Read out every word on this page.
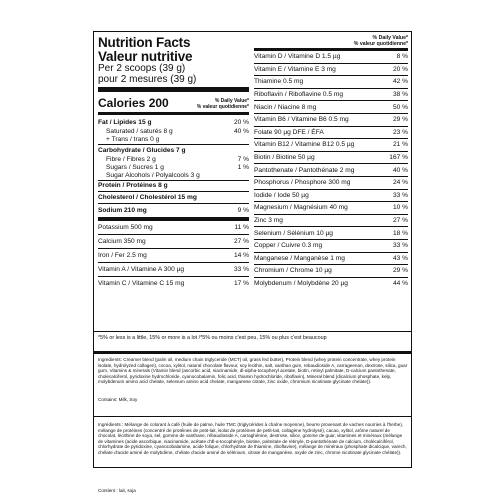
Nutrition Facts
Valeur nutritive
Per 2 scoops (39 g)
pour 2 mesures (39 g)
Calories 200	% Daily Value*
% valeur quotidienne*
Fat / Lipides 15 g	20 %
Saturated / saturés 8 g	40 %
+ Trans / trans 0 g
Carbohydrate / Glucides 7 g
Fibre / Fibres 2 g	7 %
Sugars / Sucres 1 g	1 %
Sugar Alcohols / Polyalcools 3 g
Protein / Protéines 8 g
Cholesterol / Cholestérol 15 mg
Sodium 210 mg	9 %
Potassium 500 mg	11 %
Calcium 350 mg	27 %
Iron / Fer 2.5 mg	14 %
Vitamin A / Vitamine A 300 µg	33 %
Vitamin C / Vitamine C 15 mg	17 %
% Daily Value*
% valeur quotidienne*
Vitamin D / Vitamine D 1.5 µg	8 %
Vitamin E / Vitamine E 3 mg	20 %
Thiamine 0.5 mg	42 %
Riboflavin / Riboflavine 0.5 mg	38 %
Niacin / Niacine 8 mg	50 %
Vitamin B6 / Vitamine B6 0.5 mg	29 %
Folate 90 µg DFE / ÉFA	23 %
Vitamin B12 / Vitamine B12 0.5 µg	21 %
Biotin / Biotine 50 µg	167 %
Pantothenate / Pantothénate 2 mg	40 %
Phosphorus / Phosphore 300 mg	24 %
Iodide / Iode 50 µg	33 %
Magnesium / Magnésium 40 mg	10 %
Zinc 3 mg	27 %
Selenium / Sélénium 10 µg	18 %
Copper / Cuivre 0.3 mg	33 %
Manganese / Manganèse 1 mg	43 %
Chromium / Chrome 10 µg	29 %
Molybdenum / Molybdène 20 µg	44 %
*5% or less is a little, 15% or more is a lot /*5% ou moins c'est peu, 15% ou plus c'est beaucoup
Ingredients: Creamer blend (palm oil, medium chain triglyceride (MCT) oil, grass fed butter), Protein blend (whey protein concentrate, whey protein isolate, hydrolyzed collagen), cocoa, xylitol, natural chocolate flavour, soy lecithin, salt, xanthan gum, rebaudioside A, carrageenan, dextrose, silica, guar gum, Vitamins & minerals (Vitamin blend (ascorbic acid, niacinamide, dl-alpha-tocopheryl acetate, biotin, retinyl palmitate, D-calcium pantothenate, cholecalciferol, pyridoxine hydrochloride, cyanocobalamin, folic acid, thiamin hydrochloride, riboflavin), Mineral blend (dicalcium phosphate, kelp, molybdenum amino acid chelate, selenium amino acid chelate, manganese citrate, zinc oxide, chromium nicotinate glycinate chelate)).
Contains: Milk, Soy
Ingrédients : Mélange de colorant à café (huile de palme, huile TMC (triglycérides à chaîne moyenne), beurre provenant de vaches nourries à l'herbe), mélange de protéines (concentré de protéines de petit-lait, isolat de protéines de petit-lait, collagène hydrolysé), cacao, xylitol, arôme naturel de chocolat, lécithine de soya, sel, gomme de xanthane, rébaudioside A, carraghénine, dextrose, silice, gomme de guar, vitamines et minéraux (mélange de vitamines (acide ascorbique, niacinamide, acétate d'dl-α-tocophéryle, biotine, palmitate de rétinyle, D-pantothénate de calcium, cholécalciférol, chlorhydrate de pyridoxine, cyanocobalamine, acide folique, chlorhydrate de thiamine, riboflavine), mélange de minéraux (phosphate dicalcique, varech, chélate d'acide aminé de molybdène, chélate d'acide aminé de sélénium, citrate de manganèse, oxyde de zinc, chrome nicotinate glycinate chélate)).
Contient : lait, soja
